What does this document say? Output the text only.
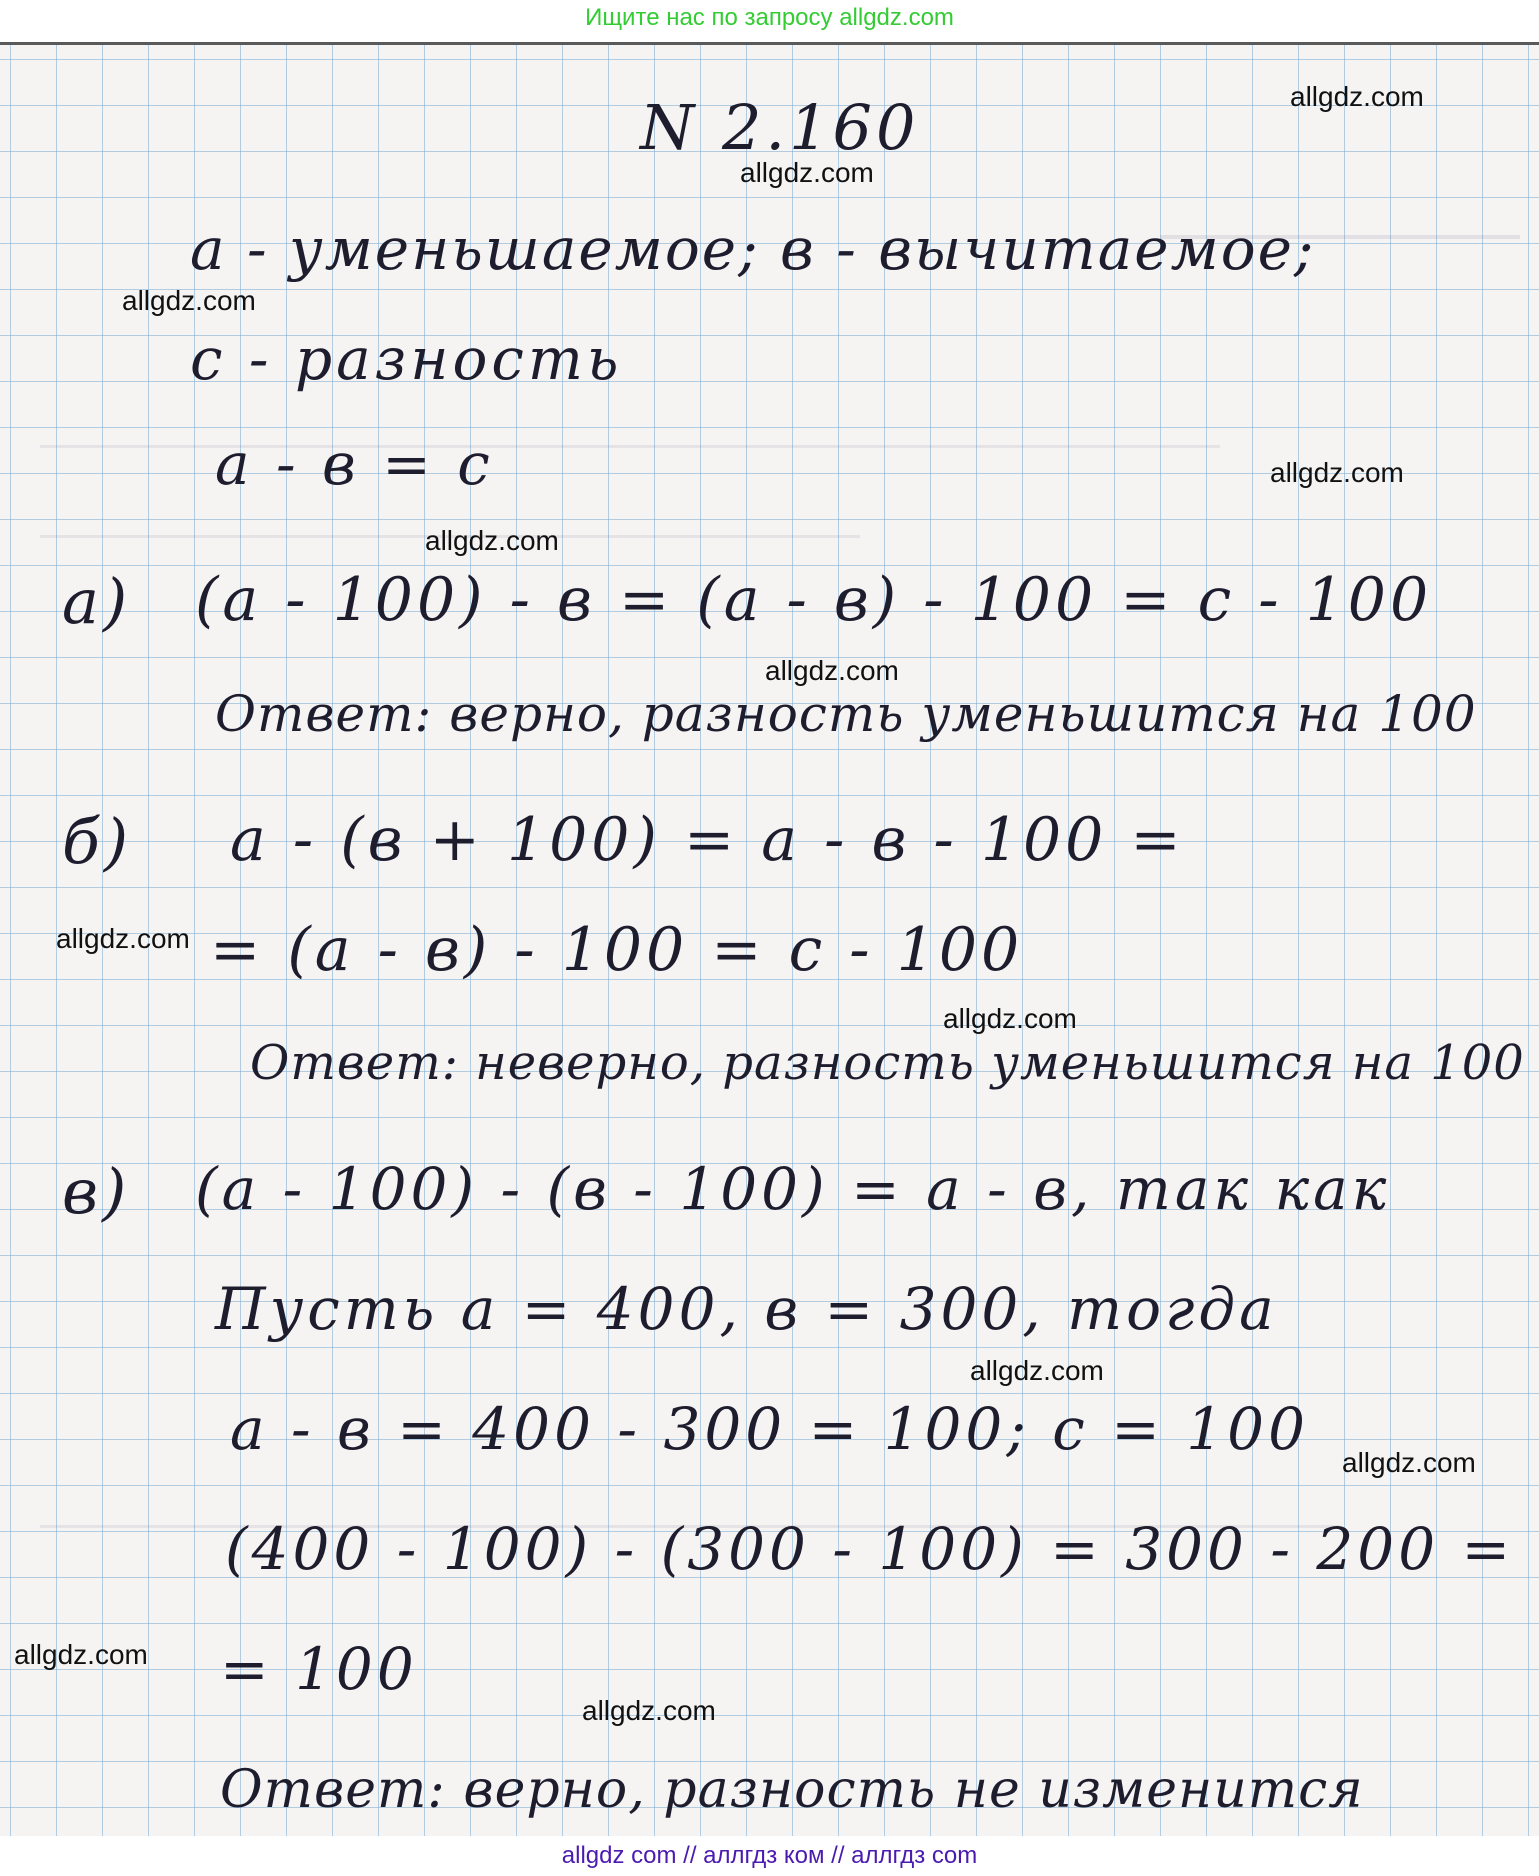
Ищите нас по запросу allgdz.com
N 2.160
a - уменьшаемое; в - вычитаемое;
с - разность
а - в = с
а) (а - 100) - в = (а - в) - 100 = с - 100
Ответ: верно, разность уменьшится на 100
б) а - (в + 100) = а - в - 100 =
= (а - в) - 100 = с - 100
Ответ: неверно, разность уменьшится на 100
в) (а - 100) - (в - 100) = а - в, так как
Пусть а = 400, в = 300, тогда
а - в = 400 - 300 = 100; с = 100
(400 - 100) - (300 - 100) = 300 - 200 =
= 100
Ответ: верно, разность не изменится
allgdz.com
allgdz.com
allgdz.com
allgdz.com
allgdz.com
allgdz.com
allgdz.com
allgdz.com
allgdz.com
allgdz.com
allgdz.com
allgdz.com
allgdz com // аллгдз ком // аллгдз com
